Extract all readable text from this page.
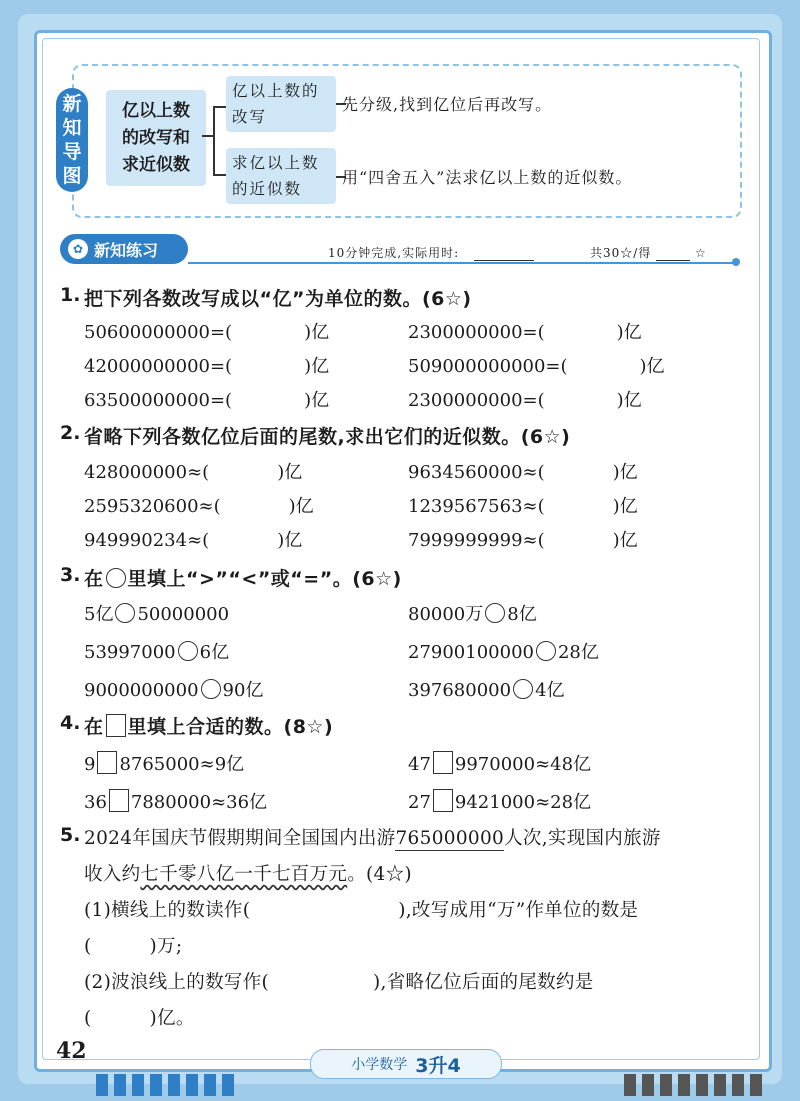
新
知
导
图
亿以上数
的改写和
求近似数
亿以上数的
改写
先分级,找到亿位后再改写。
求亿以上数
的近似数
用“四舍五入”法求亿以上数的近似数。
✿ 新知练习	10分钟完成,实际用时:	共30☆/得	☆
1. 把下列各数改写成以“亿”为单位的数。(6☆)
50600000000=(	)亿	2300000000=(	)亿
42000000000=(	)亿	509000000000=(	)亿
63500000000=(	)亿	2300000000=(	)亿
2. 省略下列各数亿位后面的尾数,求出它们的近似数。(6☆)
428000000≈(	)亿	9634560000≈(	)亿
2595320600≈(	)亿	1239567563≈(	)亿
949990234≈(	)亿	7999999999≈(	)亿
3. 在 里填上“>”“<”或“=”。(6☆)
5亿 50000000	80000万 8亿
53997000 6亿	27900100000 28亿
9000000000 90亿	397680000 4亿
4. 在 里填上合适的数。(8☆)
9 8765000≈9亿	47 9970000≈48亿
36 7880000≈36亿	27 9421000≈28亿
5. 2024年国庆节假期期间全国国内出游765000000人次,实现国内旅游
收入约七千零八亿一千七百万元。(4☆)
(1)横线上的数读作(	),改写成用“万”作单位的数是
(	)万;
(2)波浪线上的数写作(	),省略亿位后面的尾数约是
(	)亿。
42
小学数学 3升4
